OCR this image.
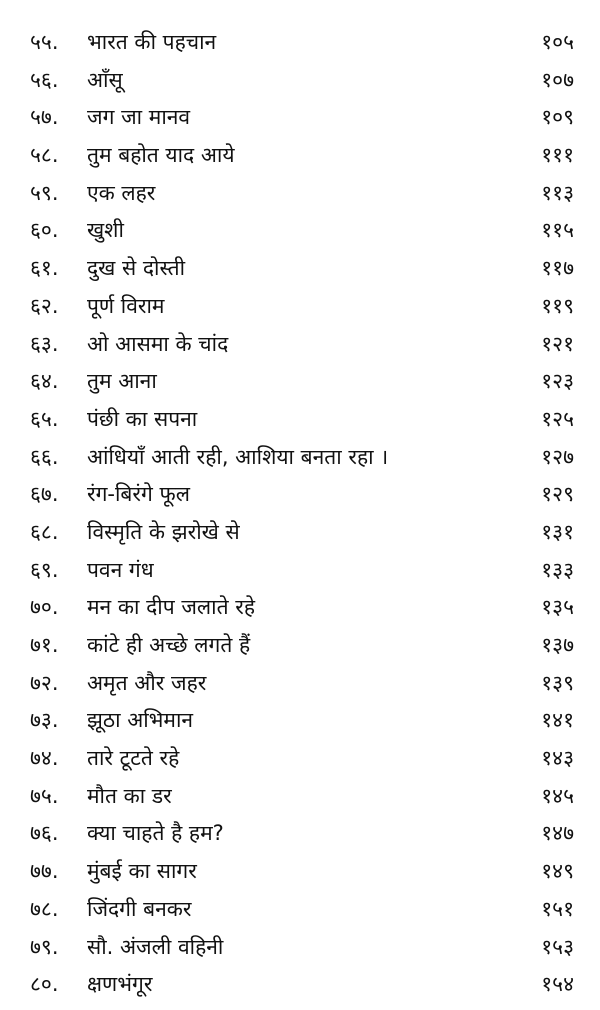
५५. भारत की पहचान	१०५
५६. आँसू	१०७
५७. जग जा मानव	१०९
५८. तुम बहोत याद आये	१११
५९. एक लहर	११३
६०. खुशी	११५
६१. दुख से दोस्ती	११७
६२. पूर्ण विराम	११९
६३. ओ आसमा के चांद	१२१
६४. तुम आना	१२३
६५. पंछी का सपना	१२५
६६. आंधियाँ आती रही, आशिया बनता रहा ।	१२७
६७. रंग-बिरंगे फूल	१२९
६८. विस्मृति के झरोखे से	१३१
६९. पवन गंध	१३३
७०. मन का दीप जलाते रहे	१३५
७१. कांटे ही अच्छे लगते हैं	१३७
७२. अमृत और जहर	१३९
७३. झूठा अभिमान	१४१
७४. तारे टूटते रहे	१४३
७५. मौत का डर	१४५
७६. क्या चाहते है हम?	१४७
७७. मुंबई का सागर	१४९
७८. जिंदगी बनकर	१५१
७९. सौ. अंजली वहिनी	१५३
८०. क्षणभंगूर	१५४
